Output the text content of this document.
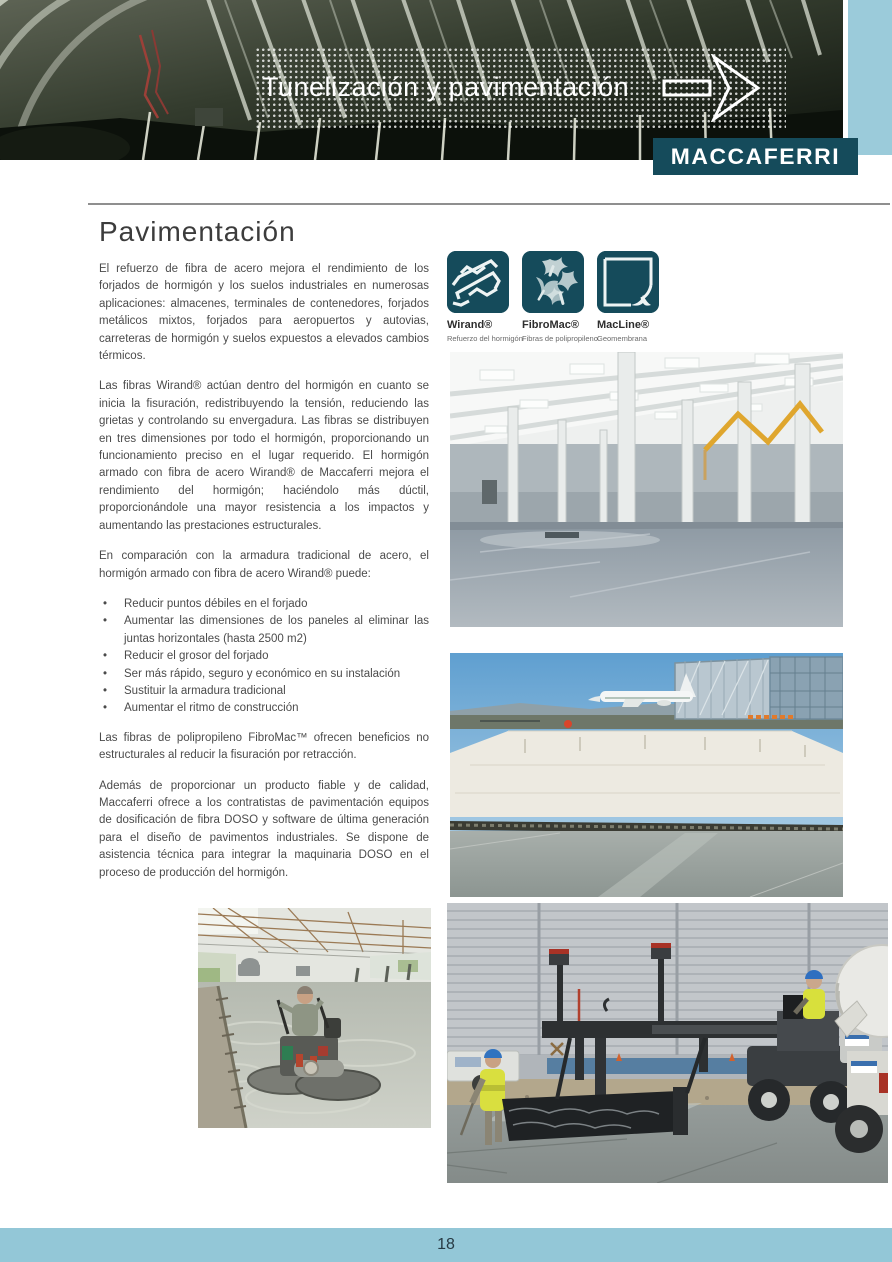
Tunelización y pavimentación
MACCAFERRI
Pavimentación

El refuerzo de fibra de acero mejora el rendimiento de los forjados de hormigón y los suelos industriales en numerosas aplicaciones: almacenes, terminales de contenedores, forjados metálicos mixtos, forjados para aeropuertos y autovias, carreteras de hormigón y suelos expuestos a elevados cambios térmicos.

Las fibras Wirand® actúan dentro del hormigón en cuanto se inicia la fisuración, redistribuyendo la tensión, reduciendo las grietas y controlando su envergadura. Las fibras se distribuyen en tres dimensiones por todo el hormigón, proporcionando un funcionamiento preciso en el lugar requerido. El hormigón armado con fibra de acero Wirand® de Maccaferri mejora el rendimiento del hormigón; haciéndolo más dúctil, proporcionándole una mayor resistencia a los impactos y aumentando las prestaciones estructurales.

En comparación con la armadura tradicional de acero, el hormigón armado con fibra de acero Wirand® puede:

• Reducir puntos débiles en el forjado
• Aumentar las dimensiones de los paneles al eliminar las juntas horizontales (hasta 2500 m2)
• Reducir el grosor del forjado
• Ser más rápido, seguro y económico en su instalación
• Sustituir la armadura tradicional
• Aumentar el ritmo de construcción

Las fibras de polipropileno FibroMac™ ofrecen beneficios no estructurales al reducir la fisuración por retracción.

Además de proporcionar un producto fiable y de calidad, Maccaferri ofrece a los contratistas de pavimentación equipos de dosificación de fibra DOSO y software de última generación para el diseño de pavimentos industriales. Se dispone de asistencia técnica para integrar la maquinaria DOSO en el proceso de producción del hormigón.

Wirand®
Refuerzo del hormigón
FibroMac®
Fibras de polipropileno
MacLine®
Geomembrana
18
